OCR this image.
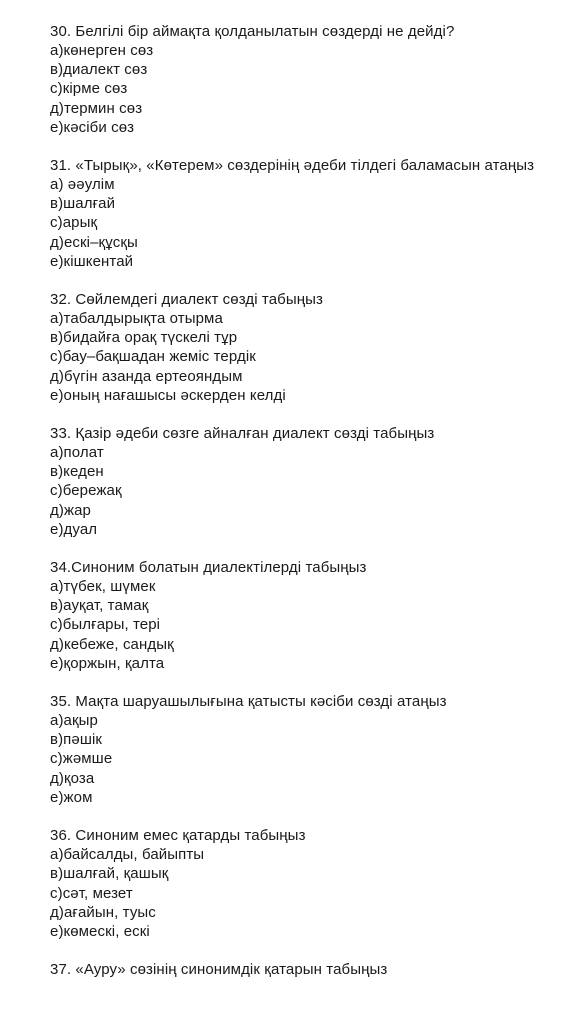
30. Белгілі бір аймақта қолданылатын сөздерді не дейді?

а)көнерген сөз

в)диалект сөз

с)кірме сөз

д)термин сөз

е)кәсіби сөз

31. «Тырық», «Көтерем» сөздерінің әдеби тілдегі баламасын атаңыз

а) әәулім

в)шалғай

с)арық

д)ескі–құсқы

е)кішкентай

32. Сөйлемдегі диалект сөзді табыңыз

а)табалдырықта отырма

в)бидайға орақ түскелі тұр

с)бау–бақшадан жеміс тердік

д)бүгін азанда ертеояндым

е)оның нағашысы әскерден келді

33. Қазір әдеби сөзге айналған диалект сөзді табыңыз

а)полат

в)кеден

с)бережақ

д)жар

е)дуал

34.Синоним болатын диалектілерді табыңыз

а)түбек, шүмек

в)ауқат, тамақ

с)былғары, тері

д)кебеже, сандық

е)қоржын, қалта

35. Мақта шаруашылығына қатысты кәсіби сөзді атаңыз

а)ақыр

в)пәшік

с)жәмше

д)қоза

е)жом

36. Синоним емес қатарды табыңыз

а)байсалды, байыпты

в)шалғай, қашық

с)сәт, мезет

д)ағайын, туыс

е)көмескі, ескі

37. «Ауру» сөзінің синонимдік қатарын табыңыз
